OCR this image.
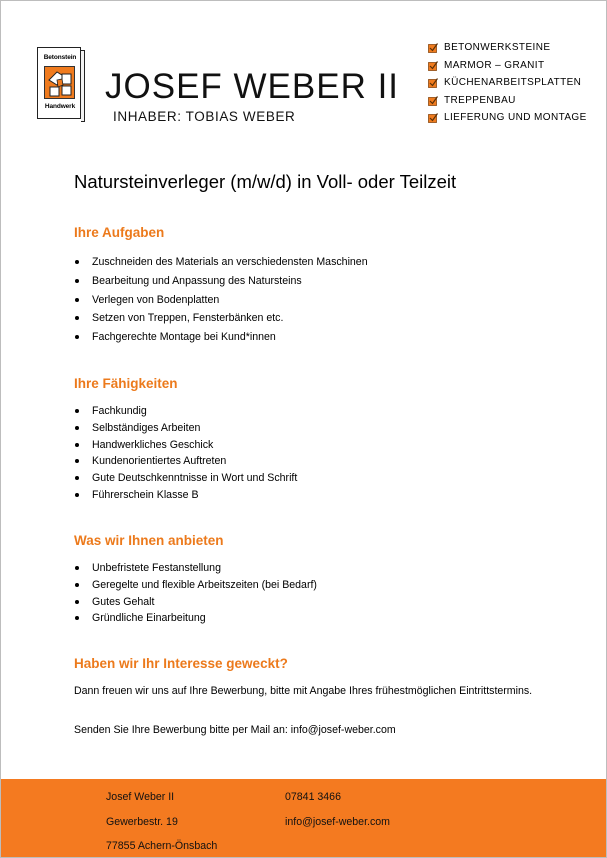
Betonstein
Handwerk
JOSEF WEBER II
INHABER: TOBIAS WEBER
BETONWERKSTEINE
MARMOR – GRANIT
KÜCHENARBEITSPLATTEN
TREPPENBAU
LIEFERUNG UND MONTAGE
Natursteinverleger (m/w/d) in Voll- oder Teilzeit
Ihre Aufgaben
Zuschneiden des Materials an verschiedensten Maschinen
Bearbeitung und Anpassung des Natursteins
Verlegen von Bodenplatten
Setzen von Treppen, Fensterbänken etc.
Fachgerechte Montage bei Kund*innen
Ihre Fähigkeiten
Fachkundig
Selbständiges Arbeiten
Handwerkliches Geschick
Kundenorientiertes Auftreten
Gute Deutschkenntnisse in Wort und Schrift
Führerschein Klasse B
Was wir Ihnen anbieten
Unbefristete Festanstellung
Geregelte und flexible Arbeitszeiten (bei Bedarf)
Gutes Gehalt
Gründliche Einarbeitung
Haben wir Ihr Interesse geweckt?
Dann freuen wir uns auf Ihre Bewerbung, bitte mit Angabe Ihres frühestmöglichen Eintrittstermins.
Senden Sie Ihre Bewerbung bitte per Mail an: info@josef-weber.com
Josef Weber II
Gewerbestr. 19
77855 Achern-Önsbach
07841 3466
info@josef-weber.com
